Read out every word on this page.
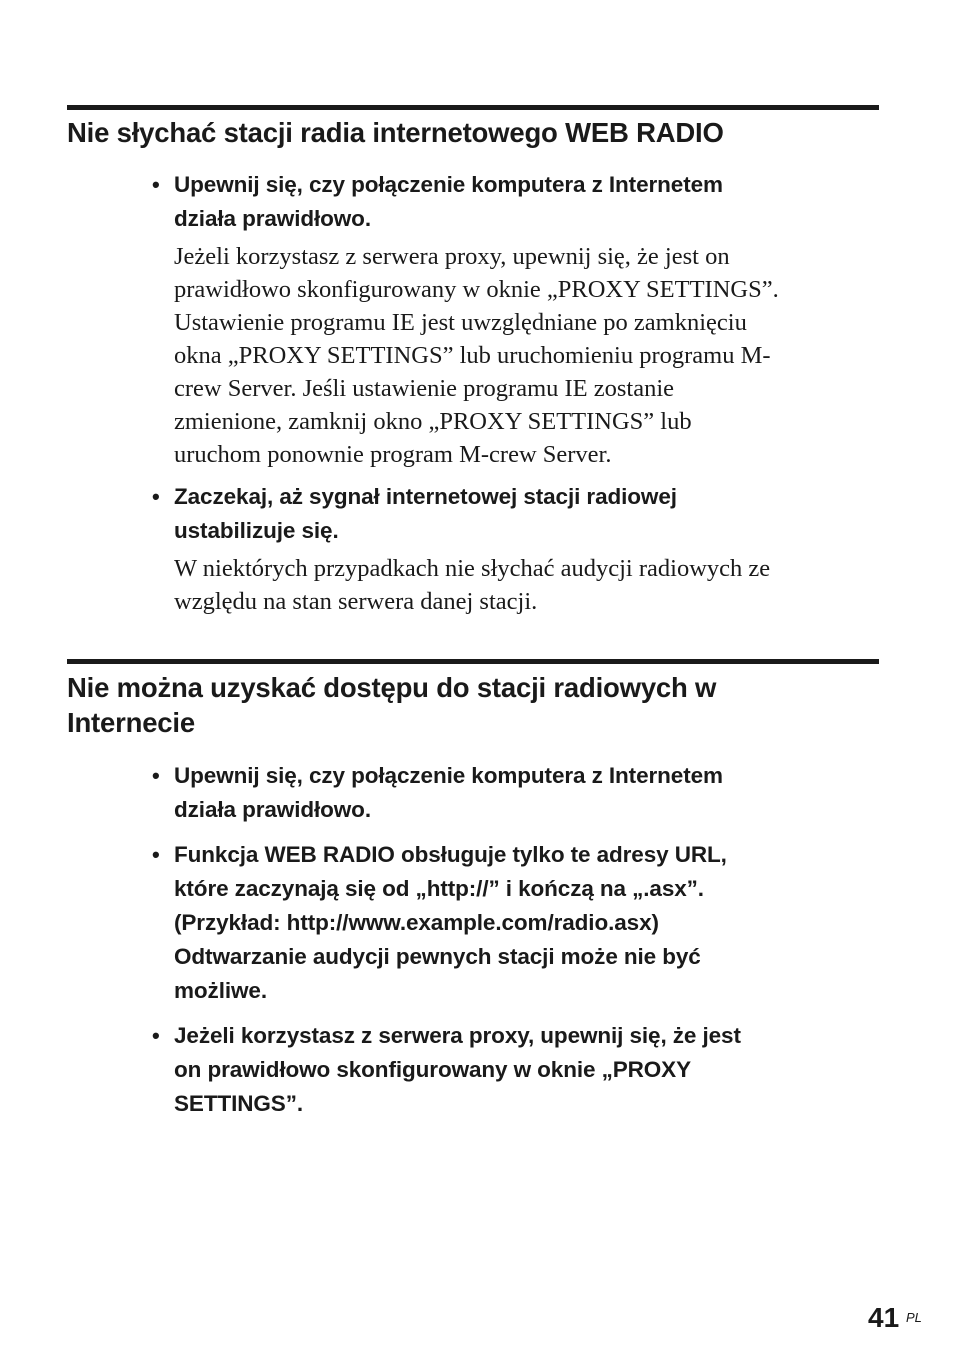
Nie słychać stacji radia internetowego WEB RADIO
• Upewnij się, czy połączenie komputera z Internetem
działa prawidłowo.

Jeżeli korzystasz z serwera proxy, upewnij się, że jest on
prawidłowo skonfigurowany w oknie „PROXY SETTINGS”.
Ustawienie programu IE jest uwzględniane po zamknięciu
okna „PROXY SETTINGS” lub uruchomieniu programu M-
crew Server. Jeśli ustawienie programu IE zostanie
zmienione, zamknij okno „PROXY SETTINGS” lub
uruchom ponownie program M-crew Server.

• Zaczekaj, aż sygnał internetowej stacji radiowej
ustabilizuje się.

W niektórych przypadkach nie słychać audycji radiowych ze
względu na stan serwera danej stacji.

Nie można uzyskać dostępu do stacji radiowych w
Internecie
• Upewnij się, czy połączenie komputera z Internetem
działa prawidłowo.

• Funkcja WEB RADIO obsługuje tylko te adresy URL,
które zaczynają się od „http://” i kończą na „.asx”.
(Przykład: http://www.example.com/radio.asx)
Odtwarzanie audycji pewnych stacji może nie być
możliwe.

• Jeżeli korzystasz z serwera proxy, upewnij się, że jest
on prawidłowo skonfigurowany w oknie „PROXY
SETTINGS”.

41 PL
